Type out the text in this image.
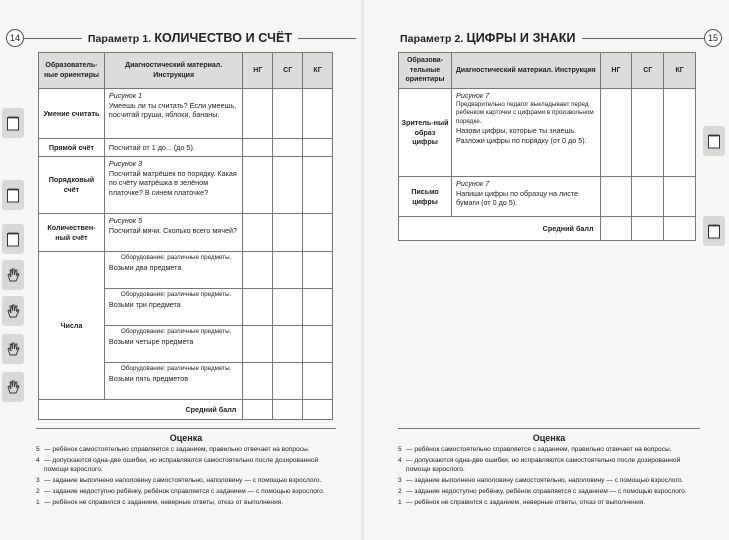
14	Параметр 1. КОЛИЧЕСТВО И СЧЁТ
Образователь-ные ориентиры	Диагностический материал. Инструкция	НГ	СГ	КГ
Умение считать	Рисунок 1
Умеешь ли ты считать? Если умеешь, посчитай груши, яблоки, бананы.			

Прямой счёт	Посчитай от 1 до... (до 5).			

Порядковый счёт	Рисунок 3
Посчитай матрёшек по порядку. Какая по счёту матрёшка в зелёном платочке? В синем платочке?			

Количествен-ный счёт	Рисунок 5
Посчитай мячи. Сколько всего мячей?			

Числа	Оборудование: различные предметы.
Возьми два предмета			

	Оборудование: различные предметы.
Возьми три предмета			

	Оборудование: различные предметы.
Возьми четыре предмета			

	Оборудование: различные предметы.
Возьми пять предметов			

Средний балл				
Оценка
5 — ребёнок самостоятельно справляется с заданием, правильно отвечает на вопросы.
4 — допускаются одна-две ошибки, но исправляются самостоятельно после дозированной помощи взрослого.
3 — задание выполнено наполовину самостоятельно, наполовину — с помощью взрослого.
2 — задание недоступно ребёнку, ребёнок справляется с заданием — с помощью взрослого.
1 — ребёнок не справился с заданием, неверные ответы, отказ от выполнения.
Параметр 2. ЦИФРЫ И ЗНАКИ	15
Образова-тельные ориентиры	Диагностический материал. Инструкция	НГ	СГ	КГ
Зритель-ный образ цифры	Рисунок 7
Предварительно педагог выкладывает перед ребенком карточки с цифрами в произвольном порядке.
Назови цифры, которые ты знаешь. Разложи цифры по порядку (от 0 до 5).			

Письмо цифры	Рисунок 7
Напиши цифры по образцу на листе бумаги (от 0 до 5).			

Средний балл				
Оценка
5 — ребёнок самостоятельно справляется с заданием, правильно отвечает на вопросы.
4 — допускаются одна-две ошибки, но исправляются самостоятельно после дозированной помощи взрослого.
3 — задание выполнено наполовину самостоятельно, наполовину — с помощью взрослого.
2 — задание недоступно ребёнку, ребёнок справляется с заданием — с помощью взрослого.
1 — ребёнок не справился с заданием, неверные ответы, отказ от выполнения.
